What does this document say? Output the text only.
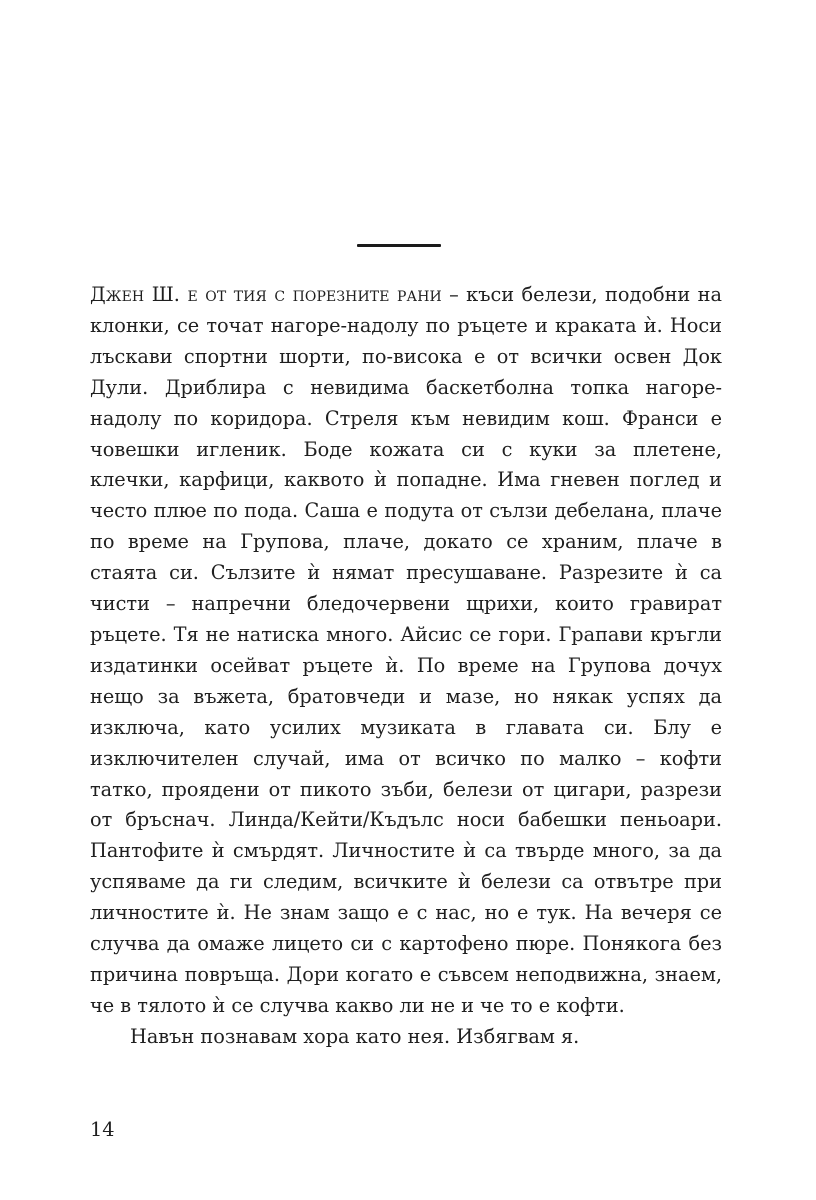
Джен Ш. е от тия с порезните рани – къси белези, подобни на клонки, се точат нагоре-надолу по ръцете и краката ѝ. Носи лъскави спортни шорти, по-висока е от всички освен Док Дули. Дриблира с невидима баскетболна топка нагоре-надолу по коридора. Стреля към невидим кош. Франси е човешки игленик. Боде кожата си с куки за плетене, клечки, карфици, каквото ѝ попадне. Има гневен поглед и често плюе по пода. Саша е подута от сълзи дебелана, плаче по време на Групова, плаче, докато се храним, плаче в стаята си. Сълзите ѝ нямат пресушаване. Разрезите ѝ са чисти – напречни бледочервени щрихи, които гравират ръцете. Тя не натиска много. Айсис се гори. Грапави кръгли издатинки осейват ръцете ѝ. По време на Групова дочух нещо за въжета, братовчеди и мазе, но някак успях да изключа, като усилих музиката в главата си. Блу е изключителен случай, има от всичко по малко – кофти татко, проядени от пикото зъби, белези от цигари, разрези от бръснач. Линда/Кейти/Къдълс носи бабешки пеньоари. Пантофите ѝ смърдят. Личностите ѝ са твърде много, за да успяваме да ги следим, всичките ѝ белези са отвътре при личностите ѝ. Не знам защо е с нас, но е тук. На вечеря се случва да омаже лицето си с картофено пюре. Понякога без причина повръща. Дори когато е съвсем неподвижна, знаем, че в тялото ѝ се случва какво ли не и че то е кофти.

Навън познавам хора като нея. Избягвам я.

14
